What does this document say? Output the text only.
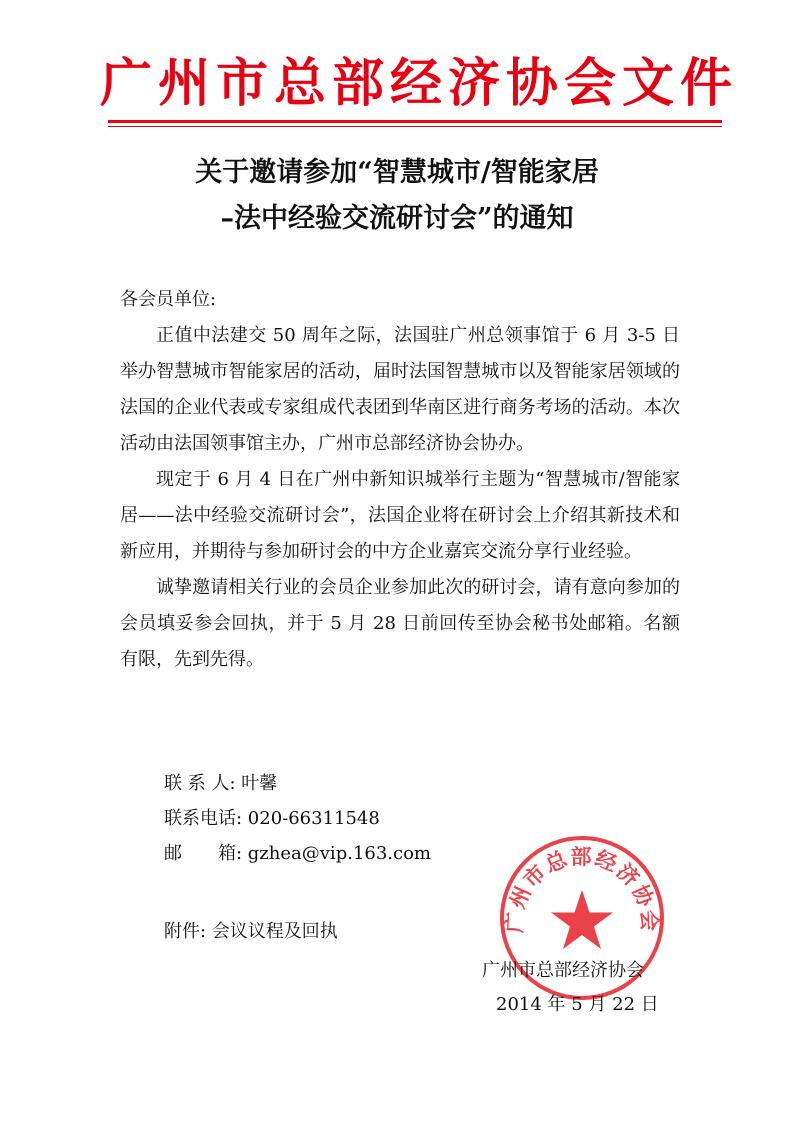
广州市总部经济协会文件
关于邀请参加“智慧城市/智能家居
–法中经验交流研讨会”的通知

各会员单位:

正值中法建交 50 周年之际，法国驻广州总领事馆于 6 月 3-5 日举办智慧城市智能家居的活动，届时法国智慧城市以及智能家居领域的法国的企业代表或专家组成代表团到华南区进行商务考场的活动。本次活动由法国领事馆主办，广州市总部经济协会协办。

现定于 6 月 4 日在广州中新知识城举行主题为“智慧城市/智能家居——法中经验交流研讨会”，法国企业将在研讨会上介绍其新技术和新应用，并期待与参加研讨会的中方企业嘉宾交流分享行业经验。

诚挚邀请相关行业的会员企业参加此次的研讨会，请有意向参加的会员填妥参会回执，并于 5 月 28 日前回传至协会秘书处邮箱。名额有限，先到先得。

联 系 人: 叶馨
联系电话: 020-66311548
邮　　箱: gzhea@vip.163.com
附件: 会议议程及回执	广州市总部经济协会
广州市总部经济协会
2014 年 5 月 22 日
